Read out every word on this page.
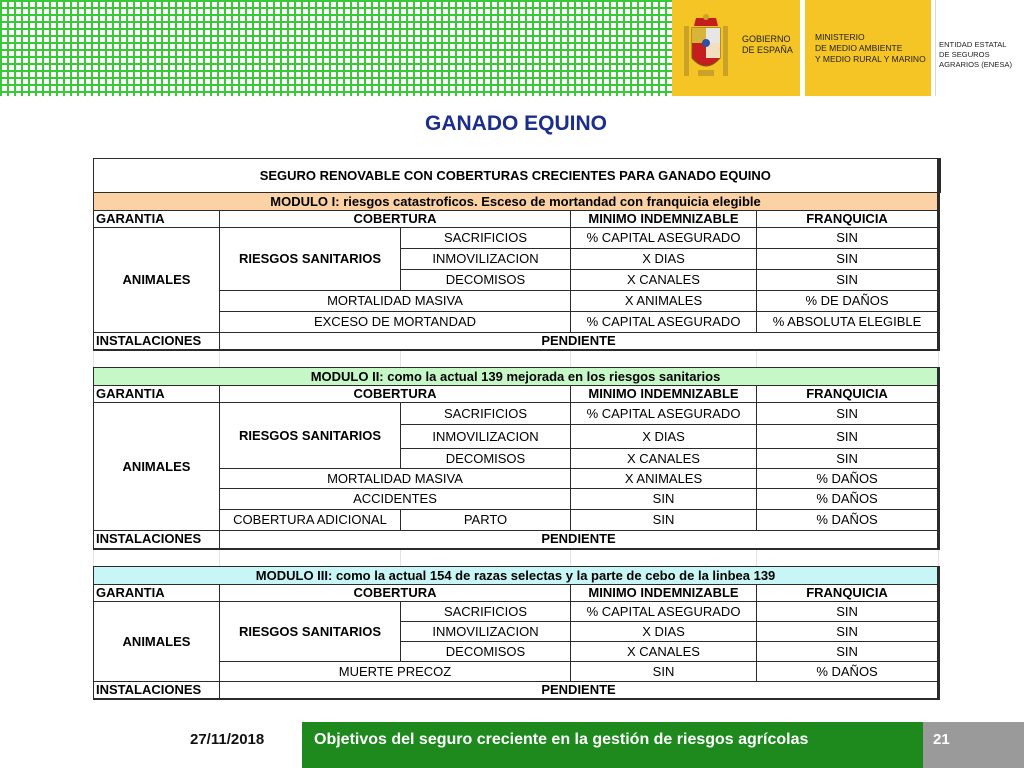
GOBIERNO
DE ESPAÑA
MINISTERIO
DE MEDIO AMBIENTE
Y MEDIO RURAL Y MARINO
ENTIDAD ESTATAL
DE SEGUROS
AGRARIOS (ENESA)
GANADO EQUINO
SEGURO RENOVABLE CON COBERTURAS CRECIENTES PARA GANADO EQUINO				
MODULO I: riesgos catastroficos. Esceso de mortandad con franquicia elegible				
GARANTIA	COBERTURA		MINIMO INDEMNIZABLE	FRANQUICIA
ANIMALES	RIESGOS SANITARIOS	SACRIFICIOS	% CAPITAL ASEGURADO	SIN
		INMOVILIZACION	X DIAS	SIN
		DECOMISOS	X CANALES	SIN
	MORTALIDAD MASIVA		X ANIMALES	% DE DAÑOS
	EXCESO DE MORTANDAD		% CAPITAL ASEGURADO	% ABSOLUTA ELEGIBLE
INSTALACIONES	PENDIENTE			

MODULO II: como la actual 139 mejorada en los riesgos sanitarios				
GARANTIA	COBERTURA		MINIMO INDEMNIZABLE	FRANQUICIA
ANIMALES	RIESGOS SANITARIOS	SACRIFICIOS	% CAPITAL ASEGURADO	SIN
		INMOVILIZACION	X DIAS	SIN
		DECOMISOS	X CANALES	SIN
	MORTALIDAD MASIVA		X ANIMALES	% DAÑOS
	ACCIDENTES		SIN	% DAÑOS
	COBERTURA ADICIONAL	PARTO	SIN	% DAÑOS
INSTALACIONES	PENDIENTE			

MODULO III: como la actual 154 de razas selectas y la parte de cebo de la linbea 139				
GARANTIA	COBERTURA		MINIMO INDEMNIZABLE	FRANQUICIA
ANIMALES	RIESGOS SANITARIOS	SACRIFICIOS	% CAPITAL ASEGURADO	SIN
		INMOVILIZACION	X DIAS	SIN
		DECOMISOS	X CANALES	SIN
	MUERTE PRECOZ		SIN	% DAÑOS
INSTALACIONES	PENDIENTE			
27/11/2018	Objetivos del seguro creciente en la gestión de riesgos agrícolas	21
